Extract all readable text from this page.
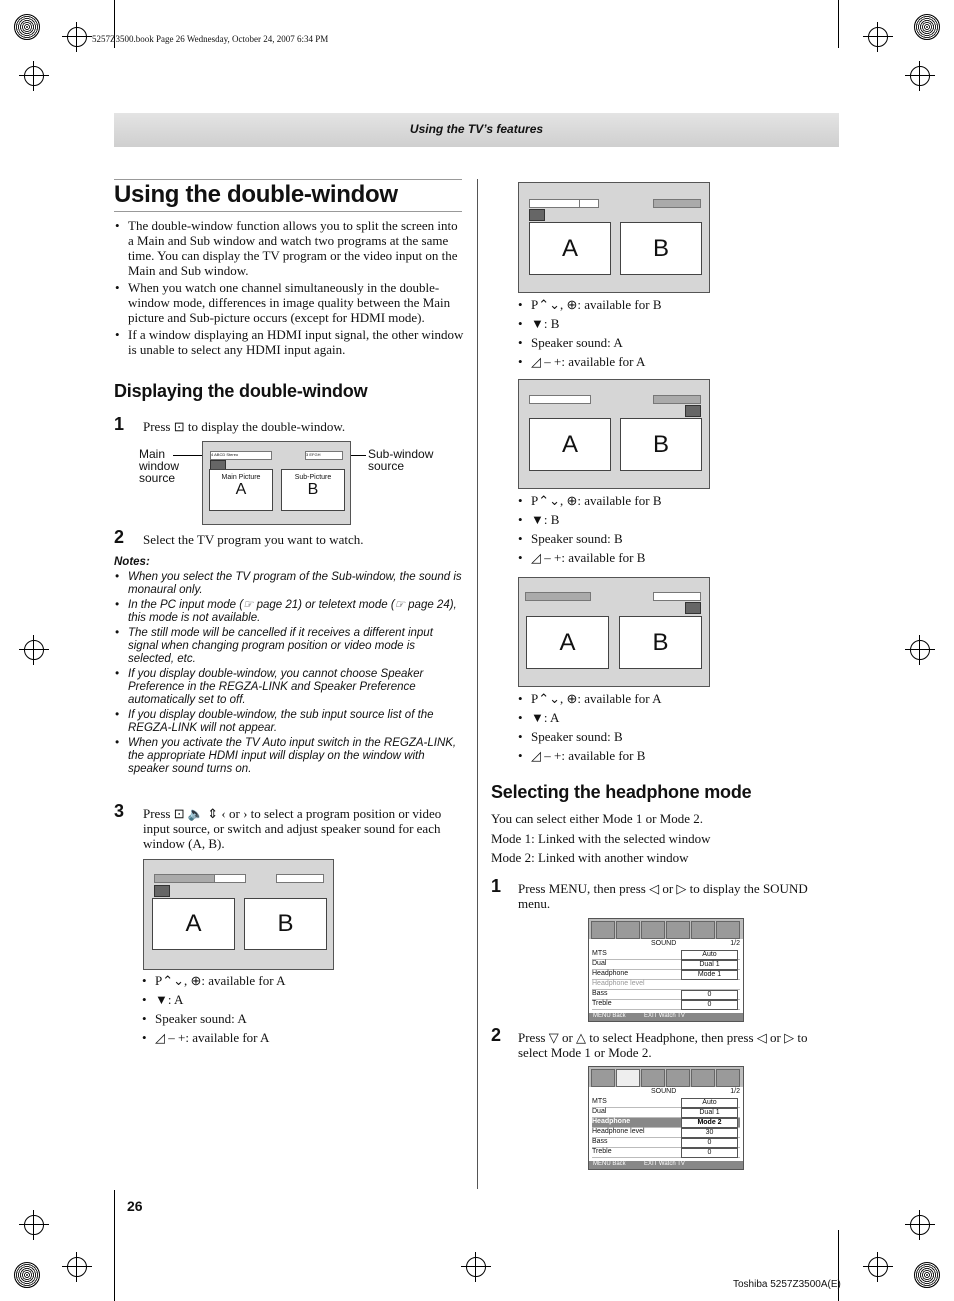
5257Z3500.book Page 26 Wednesday, October 24, 2007 6:34 PM
Using the TV’s features
Using the double-window
• The double-window function allows you to split the screen into a Main and Sub window and watch two programs at the same time. You can display the TV program or the video input on the Main and Sub window.
• When you watch one channel simultaneously in the double-window mode, differences in image quality between the Main picture and Sub-picture occurs (except for HDMI mode).
• If a window displaying an HDMI input signal, the other window is unable to select any HDMI input again.
Displaying the double-window
1 Press ⊡ to display the double-window.
Main window source
Sub-window source
4 ABCD Stereo	3 EFGH
Main Picture
A
Sub-Picture
B
2 Select the TV program you want to watch.
Notes:
• When you select the TV program of the Sub-window, the sound is monaural only.
• In the PC input mode (☞ page 21) or teletext mode (☞ page 24), this mode is not available.
• The still mode will be cancelled if it receives a different input signal when changing program position or video mode is selected, etc.
• If you display double-window, you cannot choose Speaker Preference in the REGZA-LINK and Speaker Preference automatically set to off.
• If you display double-window, the sub input source list of the REGZA-LINK will not appear.
• When you activate the TV Auto input switch in the REGZA-LINK, the appropriate HDMI input will display on the window with speaker sound turns on.
3 Press ⊡ 🔈 ⇕ ‹ or › to select a program position or video input source, or switch and adjust speaker sound for each window (A, B).
A	B
• P⌃⌄, ⊕: available for A
• ▼: A
• Speaker sound: A
• ◿ – +: available for A
A	B
• P⌃⌄, ⊕: available for B
• ▼: B
• Speaker sound: A
• ◿ – +: available for A
A	B
• P⌃⌄, ⊕: available for B
• ▼: B
• Speaker sound: B
• ◿ – +: available for B
A	B
• P⌃⌄, ⊕: available for A
• ▼: A
• Speaker sound: B
• ◿ – +: available for B
Selecting the headphone mode
You can select either Mode 1 or Mode 2.
Mode 1: Linked with the selected window
Mode 2: Linked with another window
1 Press MENU, then press ◁ or ▷ to display the SOUND menu.
SOUND	1/2
MTS	Auto
Dual	Dual 1
Headphone	Mode 1
Headphone level
Bass	0
Treble	0
MENU Back	EXIT Watch TV
2 Press ▽ or △ to select Headphone, then press ◁ or ▷ to select Mode 1 or Mode 2.
SOUND	1/2
MTS	Auto
Dual	Dual 1
Headphone	Mode 2
Headphone level	30
Bass	0
Treble	0
MENU Back	EXIT Watch TV
26
Toshiba 5257Z3500A(E)
